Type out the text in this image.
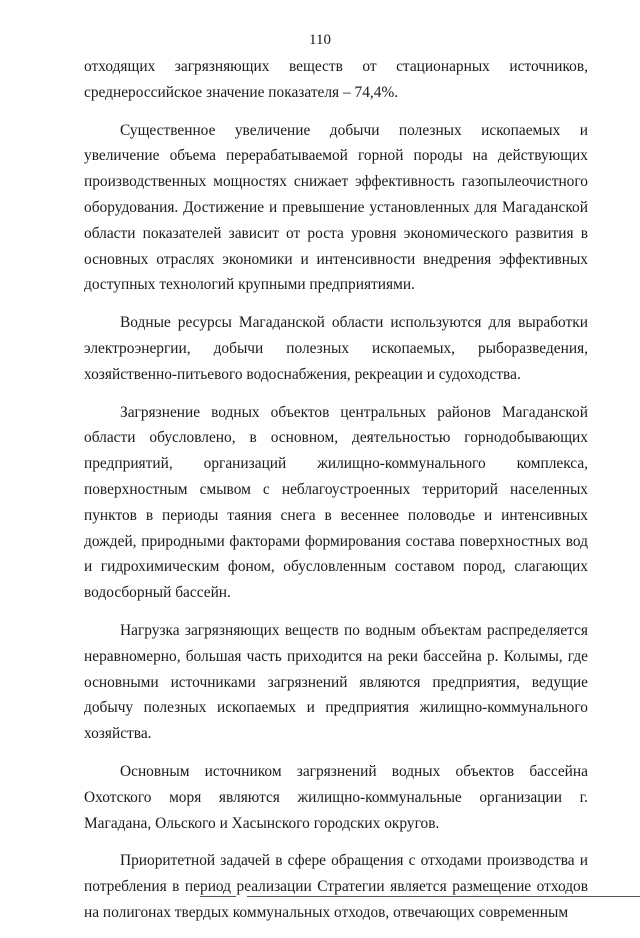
110

отходящих загрязняющих веществ от стационарных источников, среднероссийское значение показателя – 74,4%.

Существенное увеличение добычи полезных ископаемых и увеличение объема перерабатываемой горной породы на действующих производственных мощностях снижает эффективность газопылеочистного оборудования. Достижение и превышение установленных для Магаданской области показателей зависит от роста уровня экономического развития в основных отраслях экономики и интенсивности внедрения эффективных доступных технологий крупными предприятиями.

Водные ресурсы Магаданской области используются для выработки электроэнергии, добычи полезных ископаемых, рыборазведения, хозяйственно-питьевого водоснабжения, рекреации и судоходства.

Загрязнение водных объектов центральных районов Магаданской области обусловлено, в основном, деятельностью горнодобывающих предприятий, организаций жилищно-коммунального комплекса, поверхностным смывом с неблагоустроенных территорий населенных пунктов в периоды таяния снега в весеннее половодье и интенсивных дождей, природными факторами формирования состава поверхностных вод и гидрохимическим фоном, обусловленным составом пород, слагающих водосборный бассейн.

Нагрузка загрязняющих веществ по водным объектам распределяется неравномерно, большая часть приходится на реки бассейна р. Колымы, где основными источниками загрязнений являются предприятия, ведущие добычу полезных ископаемых и предприятия жилищно-коммунального хозяйства.

Основным источником загрязнений водных объектов бассейна Охотского моря являются жилищно-коммунальные организации г. Магадана, Ольского и Хасынского городских округов.

Приоритетной задачей в сфере обращения с отходами производства и потребления в период реализации Стратегии является размещение отходов на полигонах твердых коммунальных отходов, отвечающих современным
